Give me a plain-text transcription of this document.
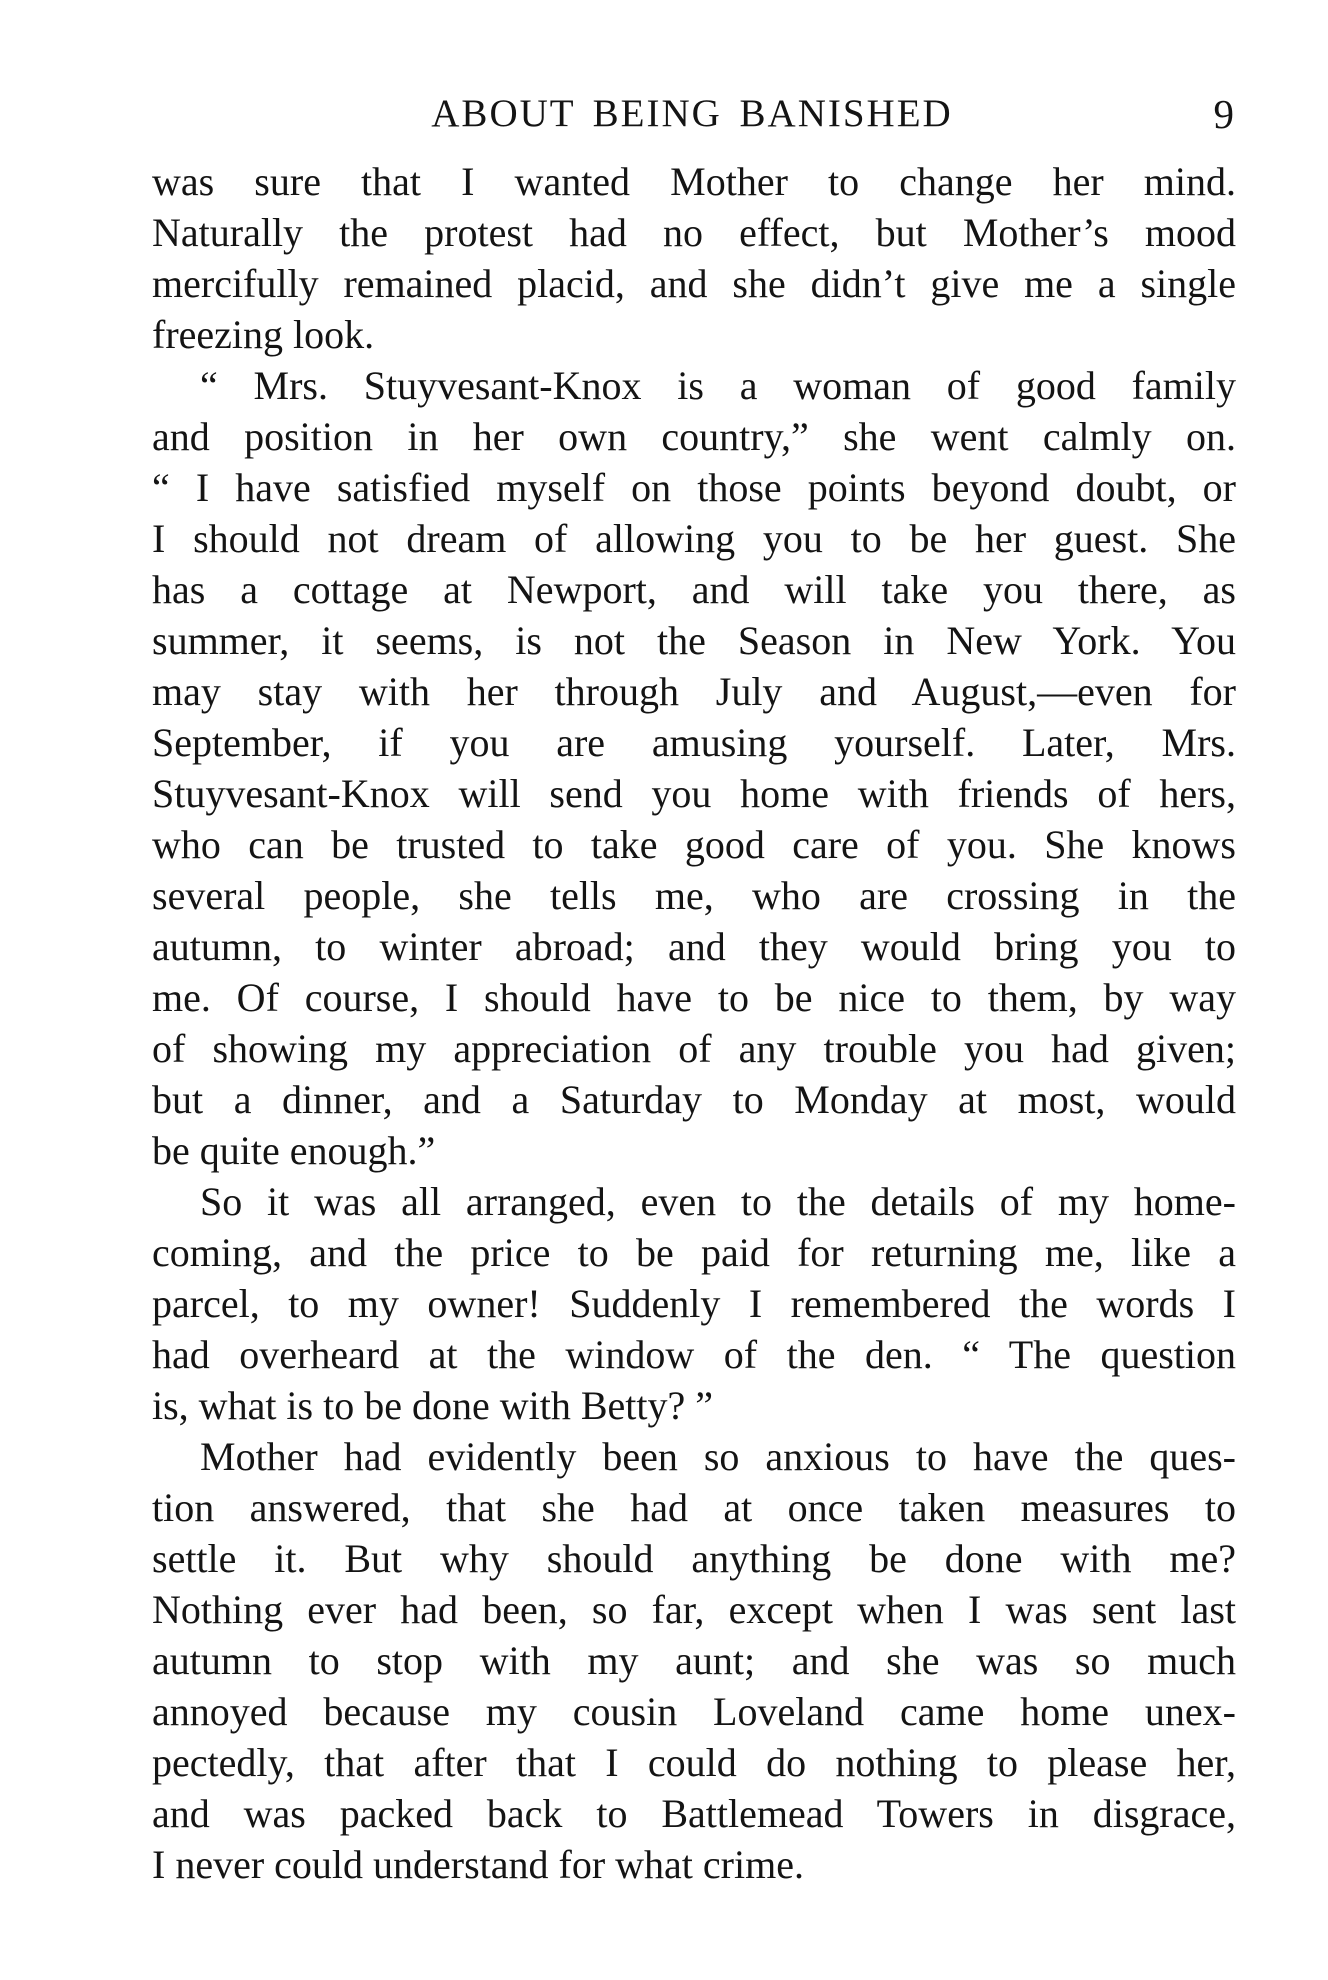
ABOUT BEING BANISHED	9
was sure that I wanted Mother to change her mind.
Naturally the protest had no effect, but Mother’s mood
mercifully remained placid, and she didn’t give me a single
freezing look.
“ Mrs. Stuyvesant-Knox is a woman of good family
and position in her own country,” she went calmly on.
“ I have satisfied myself on those points beyond doubt, or
I should not dream of allowing you to be her guest. She
has a cottage at Newport, and will take you there, as
summer, it seems, is not the Season in New York. You
may stay with her through July and August,—even for
September, if you are amusing yourself. Later, Mrs.
Stuyvesant-Knox will send you home with friends of hers,
who can be trusted to take good care of you. She knows
several people, she tells me, who are crossing in the
autumn, to winter abroad; and they would bring you to
me. Of course, I should have to be nice to them, by way
of showing my appreciation of any trouble you had given;
but a dinner, and a Saturday to Monday at most, would
be quite enough.”
So it was all arranged, even to the details of my home-
coming, and the price to be paid for returning me, like a
parcel, to my owner! Suddenly I remembered the words I
had overheard at the window of the den. “ The question
is, what is to be done with Betty? ”
Mother had evidently been so anxious to have the ques-
tion answered, that she had at once taken measures to
settle it. But why should anything be done with me?
Nothing ever had been, so far, except when I was sent last
autumn to stop with my aunt; and she was so much
annoyed because my cousin Loveland came home unex-
pectedly, that after that I could do nothing to please her,
and was packed back to Battlemead Towers in disgrace,
I never could understand for what crime.
